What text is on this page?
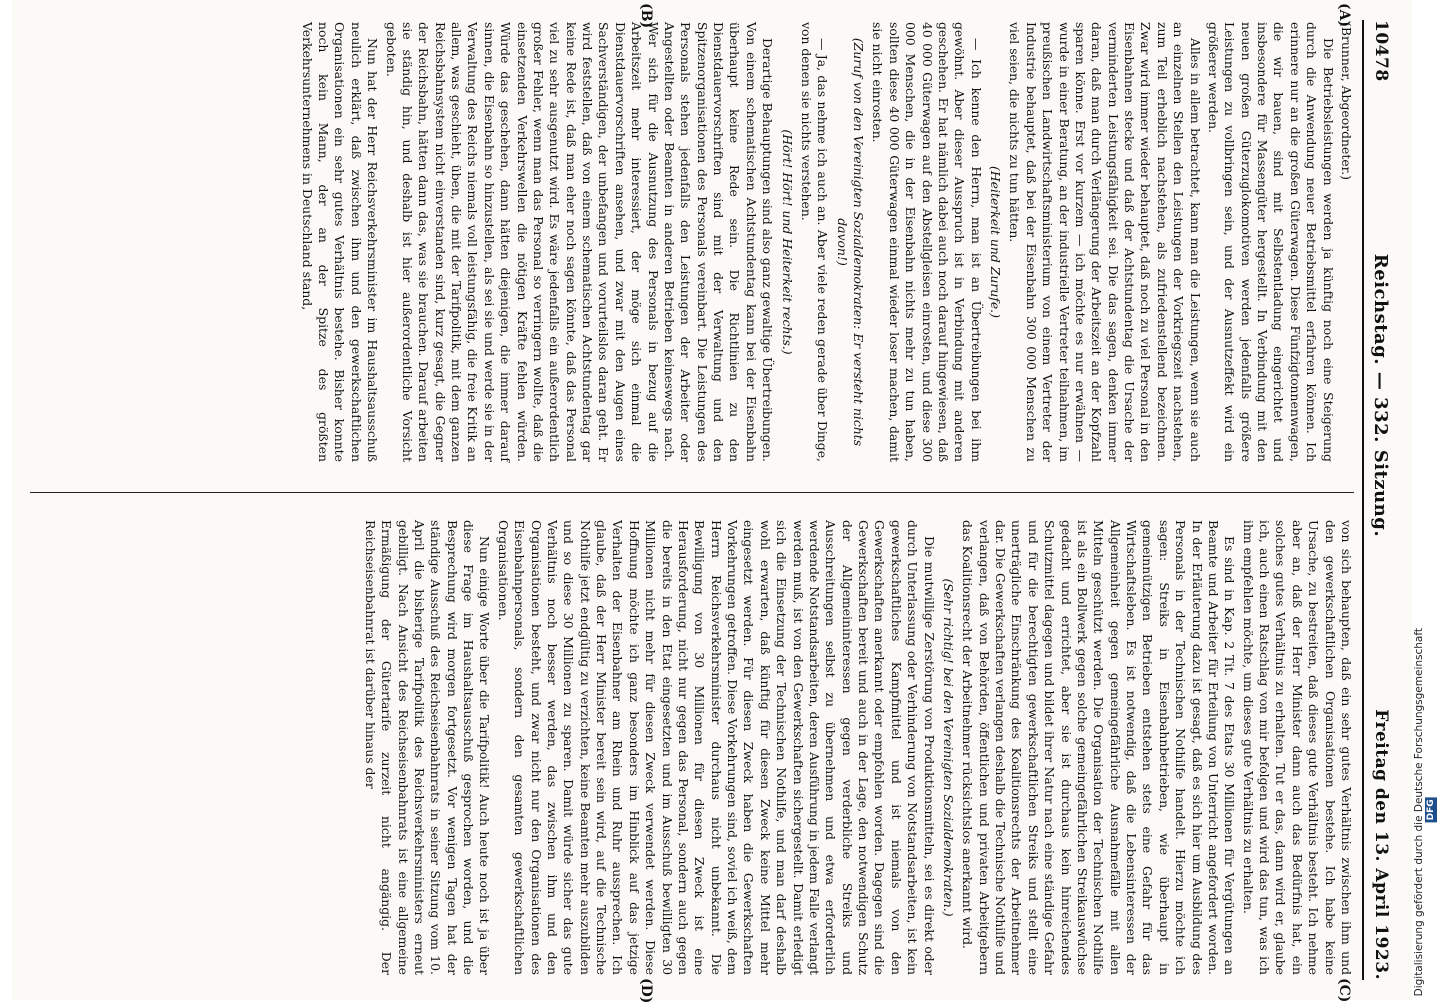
10478
Reichstag. — 332. Sitzung.
Freitag den 13. April 1923.
(A)
(B)
(C)
(D)

(Brunner, Abgeordneter.)

Die Betriebsleistungen werden ja künftig noch eine Steigerung durch die Anwendung neuer Betriebsmittel erfahren können. Ich erinnere nur an die großen Güterwagen. Diese Fünfzigtonnenwagen, die wir bauen, sind mit Selbstentladung eingerichtet und insbesondere für Massengüter hergestellt. In Verbindung mit den neuen großen Güterzuglokomotiven werden jedenfalls größere Leistungen zu vollbringen sein, und der Ausnutzeffekt wird ein größerer werden.

Alles in allem betrachtet, kann man die Leistungen, wenn sie auch an einzelnen Stellen den Leistungen der Vorkriegszeit nachstehen, zum Teil erheblich nachstehen, als zufriedenstellend bezeichnen. Zwar wird immer wieder behauptet, daß noch zu viel Personal in den Eisenbahnen stecke und daß der Achtstundentag die Ursache der verminderten Leistungsfähigkeit sei. Die das sagen, denken immer daran, daß man durch Verlängerung der Arbeitszeit an der Kopfzahl sparen könne. Erst vor kurzem — ich möchte es nur erwähnen — wurde in einer Beratung, an der industrielle Vertreter teilnahmen, im preußischen Landwirtschaftsministerium von einem Vertreter der Industrie behauptet, daß bei der Eisenbahn 300 000 Menschen zu viel seien, die nichts zu tun hätten.

(Heiterkeit und Zurufe.)

— Ich kenne den Herrn, man ist an Übertreibungen bei ihm gewöhnt. Aber dieser Ausspruch ist in Verbindung mit anderen geschehen. Er hat nämlich dabei auch noch darauf hingewiesen, daß 40 000 Güterwagen auf den Abstellgleisen einrosten, und diese 300 000 Menschen, die in der Eisenbahn nichts mehr zu tun haben, sollten diese 40 000 Güterwagen einmal wieder loser machen, damit sie nicht einrosten.

(Zuruf von den Vereinigten Sozialdemokraten: Er versteht nichts davon!)

— Ja, das nehme ich auch an. Aber viele reden gerade über Dinge, von denen sie nichts verstehen.

(Hört! Hört! und Heiterkeit rechts.)

Derartige Behauptungen sind also ganz gewaltige Übertreibungen. Von einem schematischen Achtstundentag kann bei der Eisenbahn überhaupt keine Rede sein. Die Richtlinien zu den Dienstdauervorschriften sind mit der Verwaltung und den Spitzenorganisationen des Personals vereinbart. Die Leistungen des Personals stehen jedenfalls den Leistungen der Arbeiter oder Angestellten oder Beamten in anderen Betrieben keineswegs nach. Wer sich für die Ausnutzung des Personals in bezug auf die Arbeitszeit mehr interessiert, der möge sich einmal die Dienstdauervorschriften ansehen, und zwar mit den Augen eines Sachverständigen, der unbefangen und vorurteilslos daran geht. Er wird feststellen, daß von einem schematischen Achtstundentag gar keine Rede ist, daß man eher noch sagen könnte, daß das Personal viel zu sehr ausgenutzt wird. Es wäre jedenfalls ein außerordentlich großer Fehler, wenn man das Personal so verringern wollte, daß die einsetzenden Verkehrswellen die nötigen Kräfte fehlen würden. Würde das geschehen, dann hätten diejenigen, die immer darauf sinnen, die Eisenbahn so hinzustellen, als sei sie und werde sie in der Verwaltung des Reichs niemals voll leistungsfähig, die freie Kritik an allem, was geschieht, üben, die mit der Tarifpolitik, mit dem ganzen Reichsbahnsystem nicht einverstanden sind, kurz gesagt, die Gegner der Reichsbahn, hätten dann das, was sie brauchen. Darauf arbeiten sie ständig hin, und deshalb ist hier außerordentliche Vorsicht geboten.

Nun hat der Herr Reichsverkehrsminister im Haushaltsausschuß neulich erklärt, daß zwischen ihm und den gewerkschaftlichen Organisationen ein sehr gutes Verhältnis bestehe. Bisher konnte noch kein Mann, der an der Spitze des größten Verkehrsunternehmens in Deutschland stand,

von sich behaupten, daß ein sehr gutes Verhältnis zwischen ihm und den gewerkschaftlichen Organisationen bestehe. Ich habe keine Ursache, zu bestreiten, daß dieses gute Verhältnis besteht. Ich nehme aber an, daß der Herr Minister dann auch das Bedürfnis hat, ein solches gutes Verhältnis zu erhalten. Tut er das, dann wird er, glaube ich, auch einen Ratschlag von mir befolgen und wird das tun, was ich ihm empfehlen möchte, um dieses gute Verhältnis zu erhalten.

Es sind in Kap. 2 Tit. 7 des Etats 30 Millionen für Vergütungen an Beamte und Arbeiter für Erteilung von Unterricht angefordert worden. In der Erläuterung dazu ist gesagt, daß es sich hier um Ausbildung des Personals in der Technischen Nothilfe handelt. Hierzu möchte ich sagen: Streiks in Eisenbahnbetrieben, wie überhaupt in gemeinnützigen Betrieben entstehen stets eine Gefahr für das Wirtschaftsleben. Es ist notwendig, daß die Lebensinteressen der Allgemeinheit gegen gemeingefährliche Ausnahmefälle mit allen Mitteln geschützt werden. Die Organisation der Technischen Nothilfe ist als ein Bollwerk gegen solche gemeingefährlichen Streikauswüchse gedacht und errichtet, aber sie ist durchaus kein hinreichendes Schutzmittel dagegen und bildet ihrer Natur nach eine ständige Gefahr und für die berechtigten gewerkschaftlichen Streiks und stellt eine unerträgliche Einschränkung des Koalitionsrechts der Arbeitnehmer dar. Die Gewerkschaften verlangen deshalb die Technische Nothilfe und verlangen, daß von Behörden, öffentlichen und privaten Arbeitgebern das Koalitionsrecht der Arbeitnehmer rücksichtslos anerkannt wird.

(Sehr richtig! bei den Vereinigten Sozialdemokraten.)

Die mutwillige Zerstörung von Produktionsmitteln, sei es direkt oder durch Unterlassung oder Verhinderung von Notstandsarbeiten, ist kein gewerkschaftliches Kampfmittel und ist niemals von den Gewerkschaften anerkannt oder empfohlen worden. Dagegen sind die Gewerkschaften bereit und auch in der Lage, den notwendigen Schutz der Allgemeininteressen gegen verderbliche Streiks und Ausschreitungen selbst zu übernehmen und etwa erforderlich werdende Notstandsarbeiten, deren Ausführung in jedem Falle verlangt werden muß, ist von den Gewerkschaften sichergestellt. Damit erledigt sich die Einsetzung der Technischen Nothilfe, und man darf deshalb wohl erwarten, daß künftig für diesen Zweck keine Mittel mehr eingesetzt werden. Für diesen Zweck haben die Gewerkschaften Vorkehrungen getroffen. Diese Vorkehrungen sind, soviel ich weiß, dem Herrn Reichsverkehrsminister durchaus nicht unbekannt. Die Bewilligung von 30 Millionen für diesen Zweck ist eine Herausforderung, nicht nur gegen das Personal, sondern auch gegen die bereits in den Etat eingesetzten und im Ausschuß bewilligten 30 Millionen nicht mehr für diesen Zweck verwendet werden. Diese Hoffnung möchte ich ganz besonders im Hinblick auf das jetzige Verhalten der Eisenbahner am Rhein und Ruhr aussprechen. Ich glaube, daß der Herr Minister bereit sein wird, auf die Technische Nothilfe jetzt endgültig zu verzichten, keine Beamten mehr auszubilden und so diese 30 Millionen zu sparen. Damit würde sicher das gute Verhältnis noch besser werden, das zwischen ihm und den Organisationen besteht, und zwar nicht nur den Organisationen des Eisenbahnpersonals, sondern den gesamten gewerkschaftlichen Organisationen.

Nun einige Worte über die Tarifpolitik! Auch heute noch ist ja über diese Frage im Haushaltsausschuß gesprochen worden, und die Besprechung wird morgen fortgesetzt. Vor wenigen Tagen hat der ständige Ausschuß des Reichseisenbahnrats in seiner Sitzung vom 10. April die bisherige Tarifpolitik des Reichsverkehrsministers erneut gebilligt. Nach Ansicht des Reichseisenbahnrats ist eine allgemeine Ermäßigung der Gütertarife zurzeit nicht angängig. Der Reichseisenbahnrat ist darüber hinaus der	Digitalisierung gefördert durch die Deutsche Forschungsgemeinschaft DFG
